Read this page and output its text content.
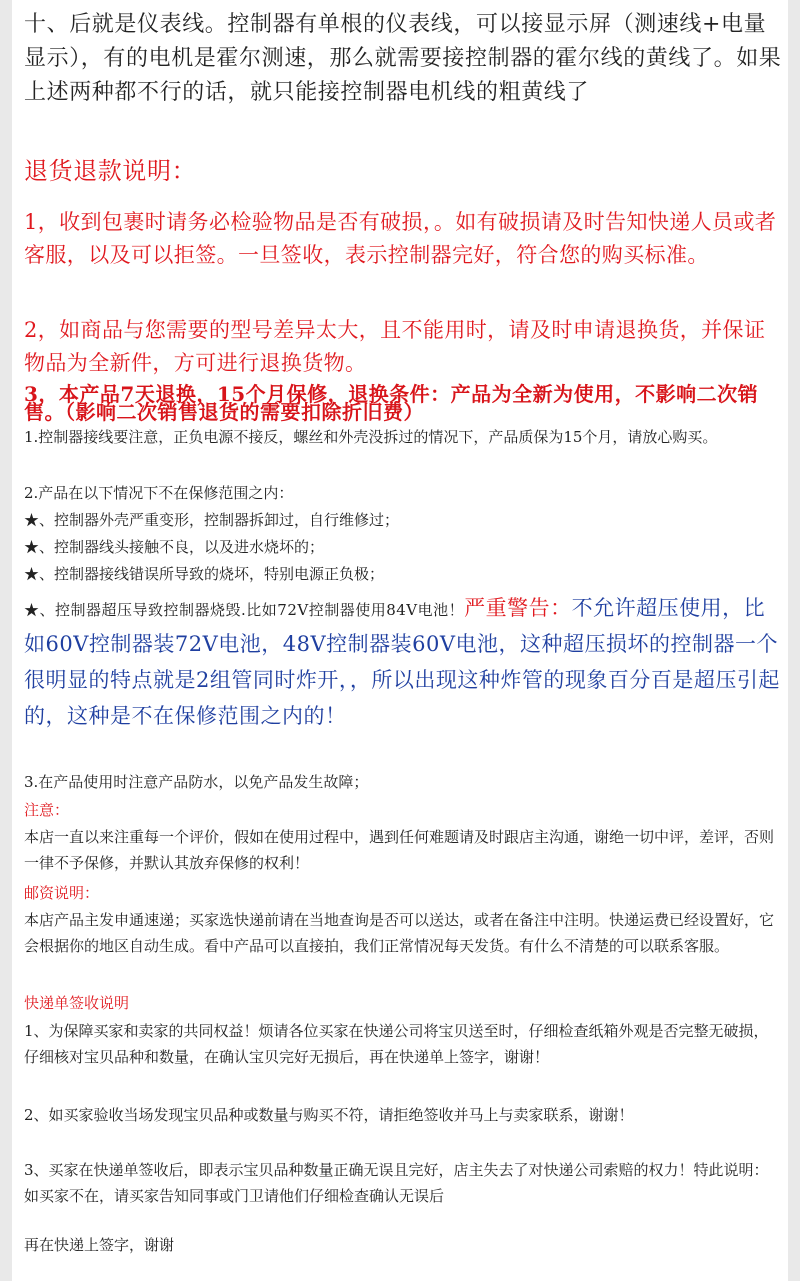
十、后就是仪表线。控制器有单根的仪表线，可以接显示屏（测速线+电量显示），有的电机是霍尔测速，那么就需要接控制器的霍尔线的黄线了。如果上述两种都不行的话，就只能接控制器电机线的粗黄线了

退货退款说明：

1，收到包裹时请务必检验物品是否有破损，。如有破损请及时告知快递人员或者客服，以及可以拒签。一旦签收，表示控制器完好，符合您的购买标准。

2，如商品与您需要的型号差异太大，且不能用时，请及时申请退换货，并保证物品为全新件，方可进行退换货物。

3，本产品7天退换，15个月保修，退换条件：产品为全新为使用，不影响二次销售。（影响二次销售退货的需要扣除折旧费）

1.控制器接线要注意，正负电源不接反，螺丝和外壳没拆过的情况下，产品质保为15个月，请放心购买。

2.产品在以下情况下不在保修范围之内：

★、控制器外壳严重变形，控制器拆卸过，自行维修过；

★、控制器线头接触不良，以及进水烧坏的；

★、控制器接线错误所导致的烧坏，特别电源正负极；

★、控制器超压导致控制器烧毁.比如72V控制器使用84V电池！严重警告：不允许超压使用，比如60V控制器装72V电池，48V控制器装60V电池，这种超压损坏的控制器一个很明显的特点就是2组管同时炸开，，所以出现这种炸管的现象百分百是超压引起的，这种是不在保修范围之内的！

3.在产品使用时注意产品防水，以免产品发生故障；

注意：

本店一直以来注重每一个评价，假如在使用过程中，遇到任何难题请及时跟店主沟通，谢绝一切中评，差评，否则一律不予保修，并默认其放弃保修的权利！

邮资说明：

本店产品主发申通速递；买家选快递前请在当地查询是否可以送达，或者在备注中注明。快递运费已经设置好，它会根据你的地区自动生成。看中产品可以直接拍，我们正常情况每天发货。有什么不清楚的可以联系客服。

快递单签收说明

1、为保障买家和卖家的共同权益！烦请各位买家在快递公司将宝贝送至时，仔细检查纸箱外观是否完整无破损，仔细核对宝贝品种和数量，在确认宝贝完好无损后，再在快递单上签字，谢谢！

2、如买家验收当场发现宝贝品种或数量与购买不符，请拒绝签收并马上与卖家联系，谢谢！

3、买家在快递单签收后，即表示宝贝品种数量正确无误且完好，店主失去了对快递公司索赔的权力！特此说明：如买家不在，请买家告知同事或门卫请他们仔细检查确认无误后

再在快递上签字，谢谢
